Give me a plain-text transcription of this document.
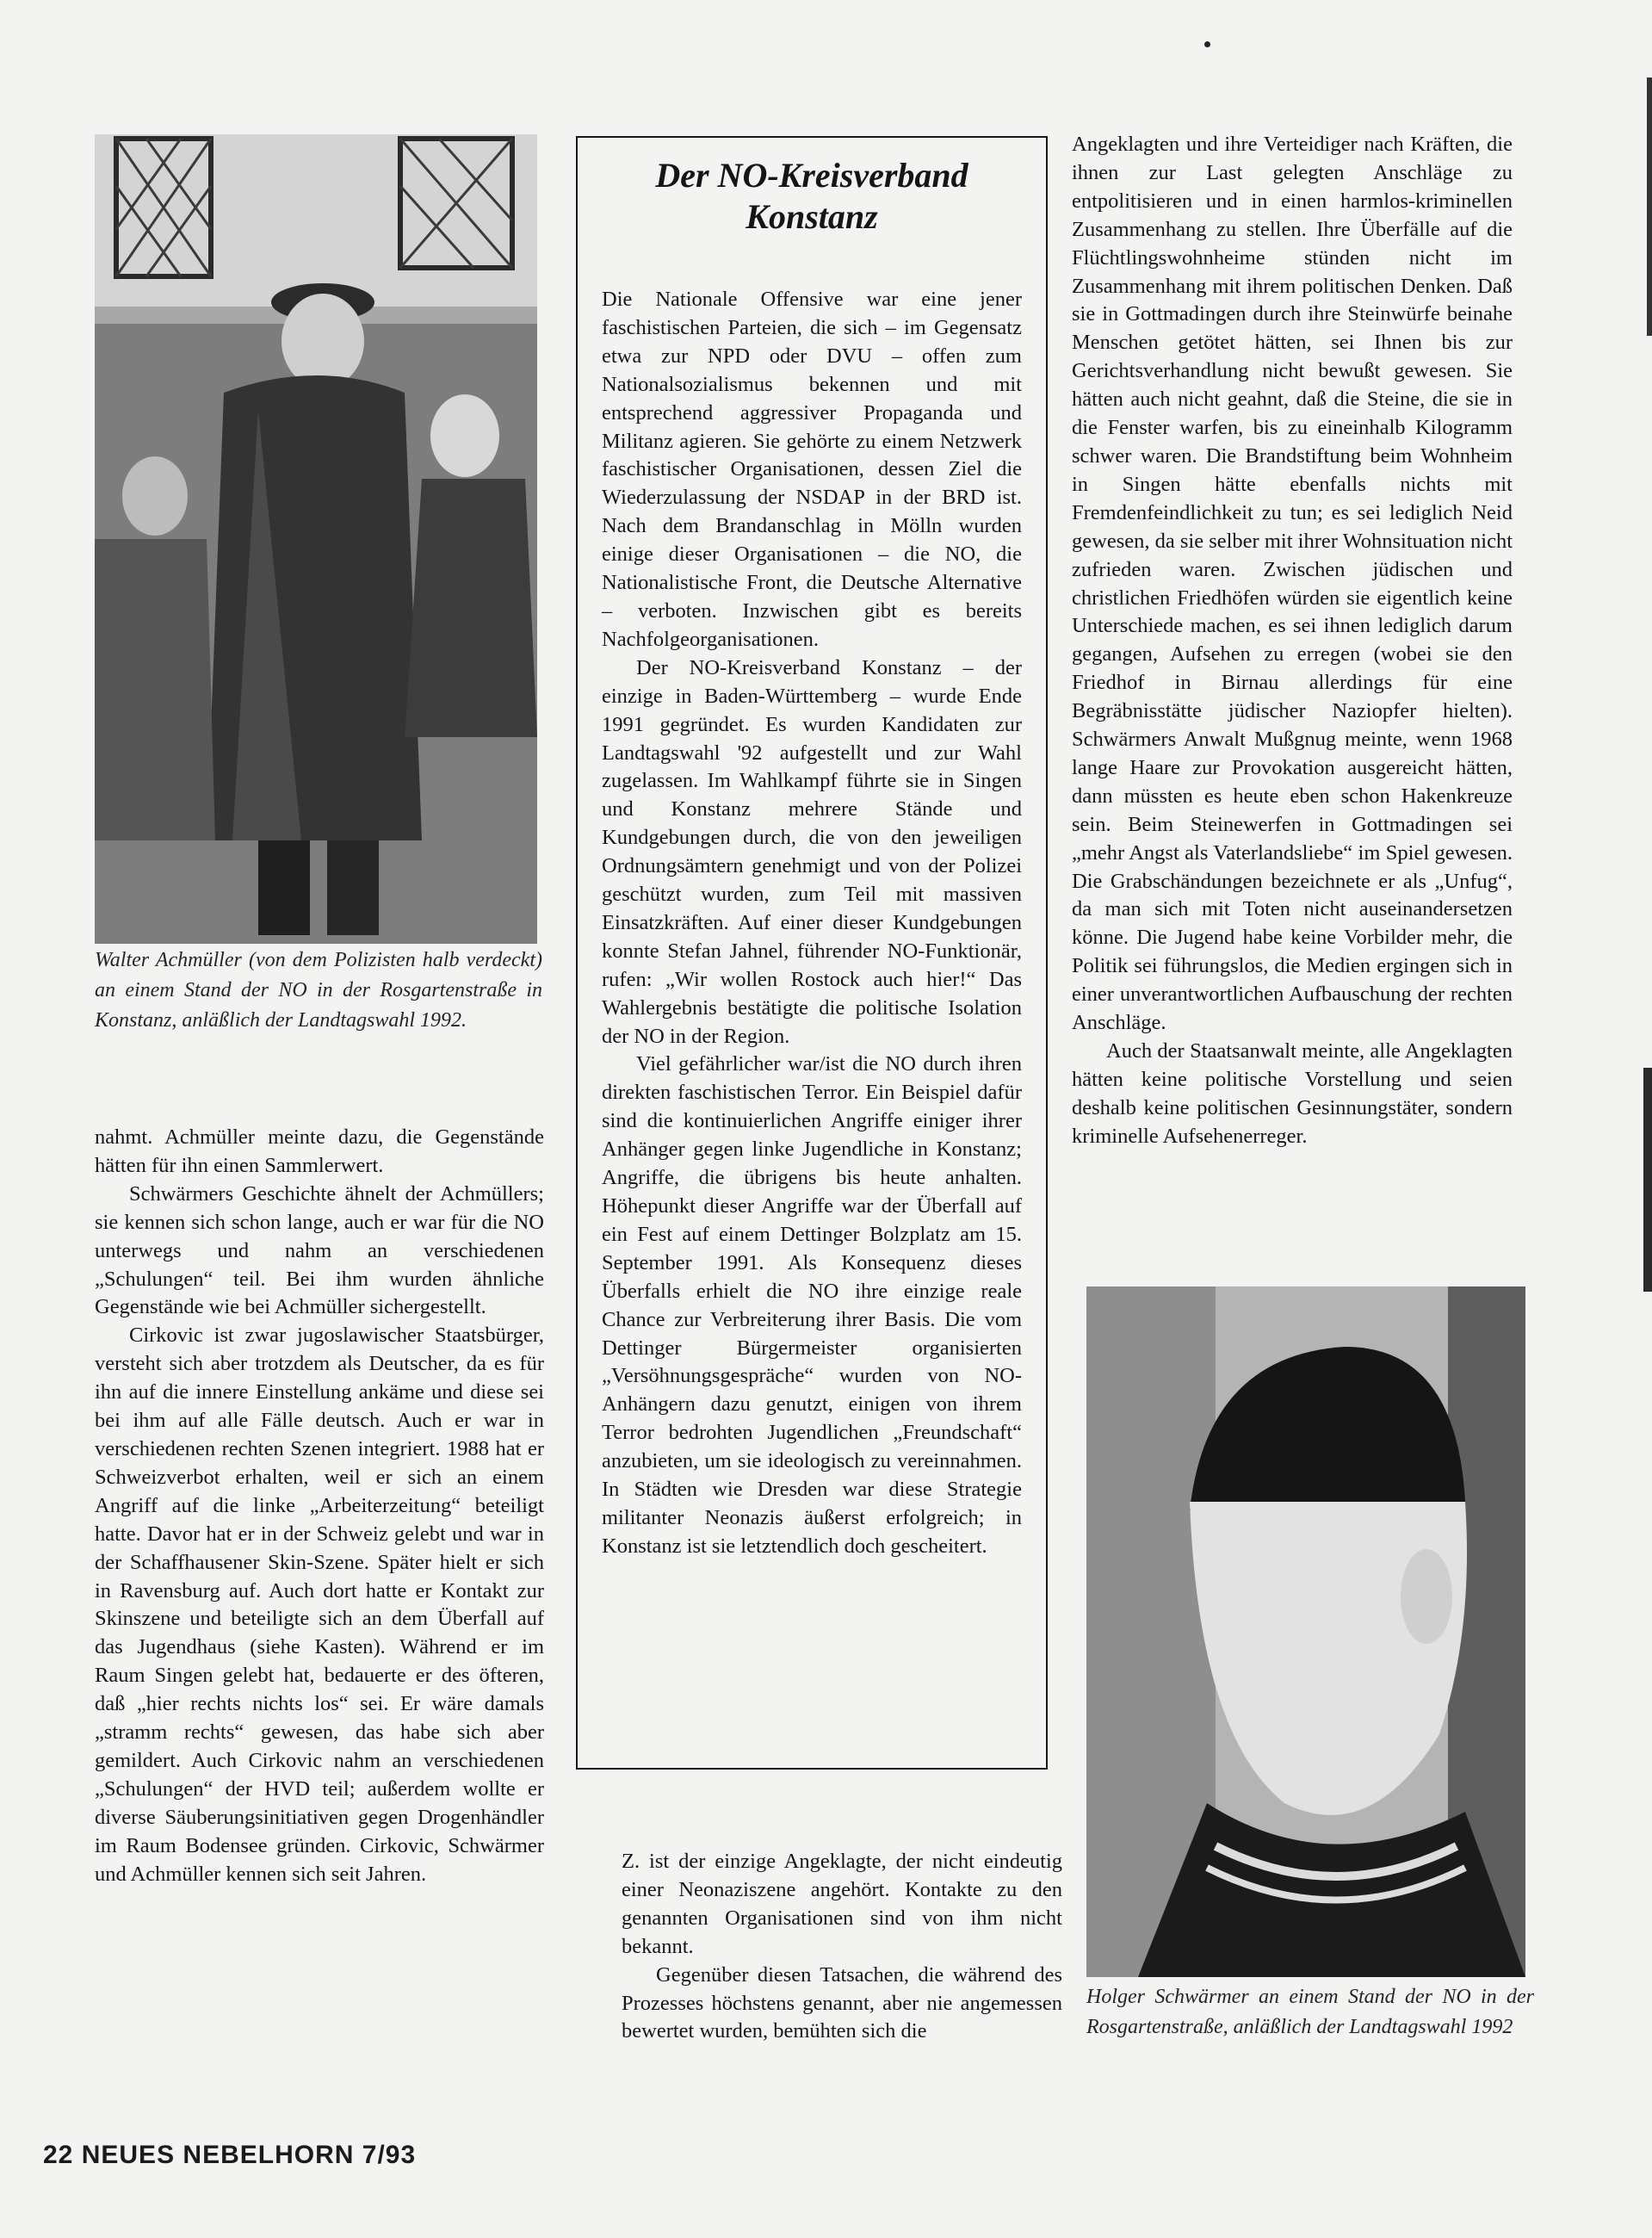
Walter Achmüller (von dem Polizisten halb verdeckt) an einem Stand der NO in der Rosgartenstraße in Konstanz, anläßlich der Landtagswahl 1992.

nahmt. Achmüller meinte dazu, die Gegenstände hätten für ihn einen Sammlerwert.

Schwärmers Geschichte ähnelt der Achmüllers; sie kennen sich schon lange, auch er war für die NO unterwegs und nahm an verschiedenen „Schulungen“ teil. Bei ihm wurden ähnliche Gegenstände wie bei Achmüller sichergestellt.

Cirkovic ist zwar jugoslawischer Staatsbürger, versteht sich aber trotzdem als Deutscher, da es für ihn auf die innere Einstellung ankäme und diese sei bei ihm auf alle Fälle deutsch. Auch er war in verschiedenen rechten Szenen integriert. 1988 hat er Schweizverbot erhalten, weil er sich an einem Angriff auf die linke „Arbeiterzeitung“ beteiligt hatte. Davor hat er in der Schweiz gelebt und war in der Schaffhausener Skin-Szene. Später hielt er sich in Ravensburg auf. Auch dort hatte er Kontakt zur Skinszene und beteiligte sich an dem Überfall auf das Jugendhaus (siehe Kasten). Während er im Raum Singen gelebt hat, bedauerte er des öfteren, daß „hier rechts nichts los“ sei. Er wäre damals „stramm rechts“ gewesen, das habe sich aber gemildert. Auch Cirkovic nahm an verschiedenen „Schulungen“ der HVD teil; außerdem wollte er diverse Säuberungsinitiativen gegen Drogenhändler im Raum Bodensee gründen. Cirkovic, Schwärmer und Achmüller kennen sich seit Jahren.

Der NO-Kreisverband
Konstanz

Die Nationale Offensive war eine jener faschistischen Parteien, die sich – im Gegensatz etwa zur NPD oder DVU – offen zum Nationalsozialismus bekennen und mit entsprechend aggressiver Propaganda und Militanz agieren. Sie gehörte zu einem Netzwerk faschistischer Organisationen, dessen Ziel die Wiederzulassung der NSDAP in der BRD ist. Nach dem Brandanschlag in Mölln wurden einige dieser Organisationen – die NO, die Nationalistische Front, die Deutsche Alternative – verboten. Inzwischen gibt es bereits Nachfolgeorganisationen.

Der NO-Kreisverband Konstanz – der einzige in Baden-Württemberg – wurde Ende 1991 gegründet. Es wurden Kandidaten zur Landtagswahl '92 aufgestellt und zur Wahl zugelassen. Im Wahlkampf führte sie in Singen und Konstanz mehrere Stände und Kundgebungen durch, die von den jeweiligen Ordnungsämtern genehmigt und von der Polizei geschützt wurden, zum Teil mit massiven Einsatzkräften. Auf einer dieser Kundgebungen konnte Stefan Jahnel, führender NO-Funktionär, rufen: „Wir wollen Rostock auch hier!“ Das Wahlergebnis bestätigte die politische Isolation der NO in der Region.

Viel gefährlicher war/ist die NO durch ihren direkten faschistischen Terror. Ein Beispiel dafür sind die kontinuierlichen Angriffe einiger ihrer Anhänger gegen linke Jugendliche in Konstanz; Angriffe, die übrigens bis heute anhalten. Höhepunkt dieser Angriffe war der Überfall auf ein Fest auf einem Dettinger Bolzplatz am 15. September 1991. Als Konsequenz dieses Überfalls erhielt die NO ihre einzige reale Chance zur Verbreiterung ihrer Basis. Die vom Dettinger Bürgermeister organisierten „Versöhnungsgespräche“ wurden von NO-Anhängern dazu genutzt, einigen von ihrem Terror bedrohten Jugendlichen „Freundschaft“ anzubieten, um sie ideologisch zu vereinnahmen. In Städten wie Dresden war diese Strategie militanter Neonazis äußerst erfolgreich; in Konstanz ist sie letztendlich doch gescheitert.

Z. ist der einzige Angeklagte, der nicht eindeutig einer Neonaziszene angehört. Kontakte zu den genannten Organisationen sind von ihm nicht bekannt.

Gegenüber diesen Tatsachen, die während des Prozesses höchstens genannt, aber nie angemessen bewertet wurden, bemühten sich die

Angeklagten und ihre Verteidiger nach Kräften, die ihnen zur Last gelegten Anschläge zu entpolitisieren und in einen harmlos-kriminellen Zusammenhang zu stellen. Ihre Überfälle auf die Flüchtlingswohnheime stünden nicht im Zusammenhang mit ihrem politischen Denken. Daß sie in Gottmadingen durch ihre Steinwürfe beinahe Menschen getötet hätten, sei Ihnen bis zur Gerichtsverhandlung nicht bewußt gewesen. Sie hätten auch nicht geahnt, daß die Steine, die sie in die Fenster warfen, bis zu eineinhalb Kilogramm schwer waren. Die Brandstiftung beim Wohnheim in Singen hätte ebenfalls nichts mit Fremdenfeindlichkeit zu tun; es sei lediglich Neid gewesen, da sie selber mit ihrer Wohnsituation nicht zufrieden waren. Zwischen jüdischen und christlichen Friedhöfen würden sie eigentlich keine Unterschiede machen, es sei ihnen lediglich darum gegangen, Aufsehen zu erregen (wobei sie den Friedhof in Birnau allerdings für eine Begräbnisstätte jüdischer Naziopfer hielten). Schwärmers Anwalt Mußgnug meinte, wenn 1968 lange Haare zur Provokation ausgereicht hätten, dann müssten es heute eben schon Hakenkreuze sein. Beim Steinewerfen in Gottmadingen sei „mehr Angst als Vaterlandsliebe“ im Spiel gewesen. Die Grabschändungen bezeichnete er als „Unfug“, da man sich mit Toten nicht auseinandersetzen könne. Die Jugend habe keine Vorbilder mehr, die Politik sei führungslos, die Medien ergingen sich in einer unverantwortlichen Aufbauschung der rechten Anschläge.

Auch der Staatsanwalt meinte, alle Angeklagten hätten keine politische Vorstellung und seien deshalb keine politischen Gesinnungstäter, sondern kriminelle Aufsehenerreger.

Holger Schwärmer an einem Stand der NO in der Rosgartenstraße, anläßlich der Landtagswahl 1992
22 NEUES NEBELHORN 7/93
